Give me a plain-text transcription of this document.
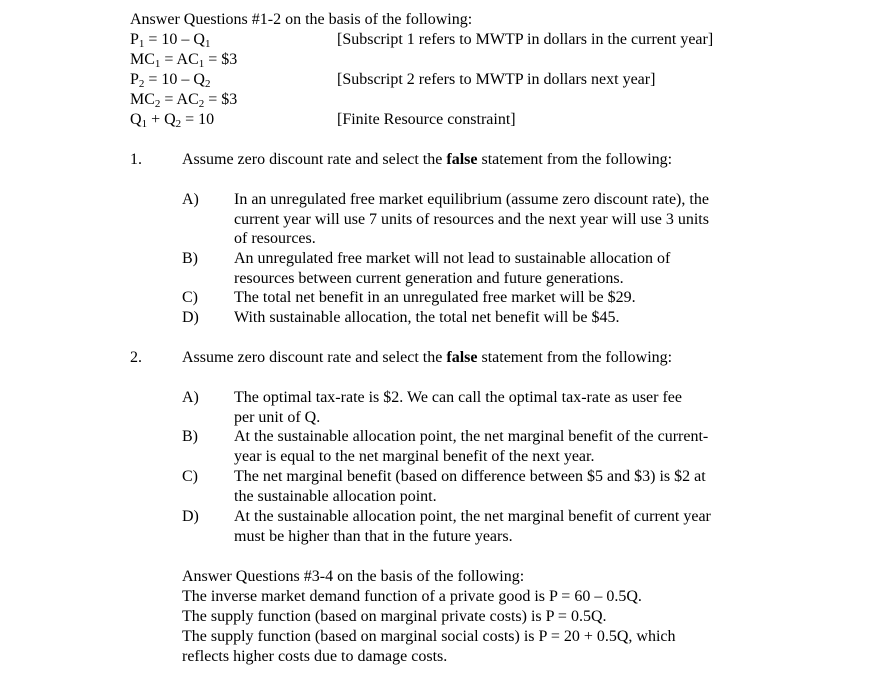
Answer Questions #1-2 on the basis of the following:
$P_1 = 10 - Q_1$	[Subscript 1 refers to MWTP in dollars in the current year]
$MC_1 = AC_1$ = $3
$P_2 = 10 - Q_2$	[Subscript 2 refers to MWTP in dollars next year]
$MC_2 = AC_2$ = $3
$Q_1 + Q_2 = 10$	[Finite Resource constraint]
1.	Assume zero discount rate and select the false statement from the following:
A) In an unregulated free market equilibrium (assume zero discount rate), the
current year will use 7 units of resources and the next year will use 3 units
of resources.
B) An unregulated free market will not lead to sustainable allocation of
resources between current generation and future generations.
C) The total net benefit in an unregulated free market will be $29.
D) With sustainable allocation, the total net benefit will be $45.
2.	Assume zero discount rate and select the false statement from the following:
A) The optimal tax-rate is $2. We can call the optimal tax-rate as user fee
per unit of Q.
B) At the sustainable allocation point, the net marginal benefit of the current-
year is equal to the net marginal benefit of the next year.
C) The net marginal benefit (based on difference between $5 and $3) is $2 at
the sustainable allocation point.
D) At the sustainable allocation point, the net marginal benefit of current year
must be higher than that in the future years.
Answer Questions #3-4 on the basis of the following:
The inverse market demand function of a private good is P = 60 – 0.5Q.
The supply function (based on marginal private costs) is P = 0.5Q.
The supply function (based on marginal social costs) is P = 20 + 0.5Q, which
reflects higher costs due to damage costs.
